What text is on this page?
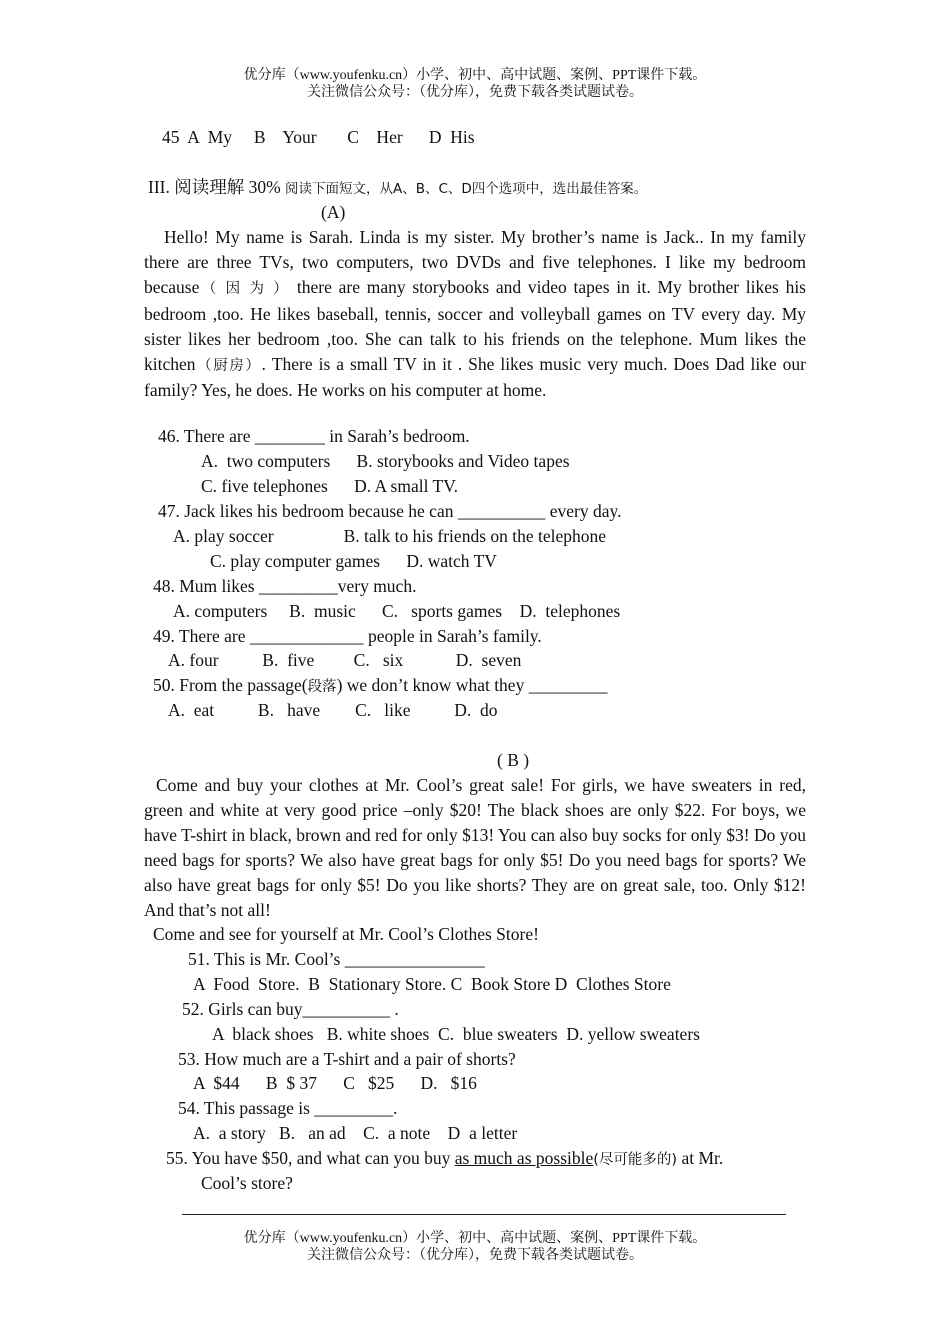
优分库（www.youfenku.cn）小学、初中、高中试题、案例、PPT课件下载。
关注微信公众号：（优分库），免费下载各类试题试卷。
45  A  My     B    Your       C    Her      D  His
III. 阅读理解 30% 阅读下面短文，从A、B、C、D四个选项中，选出最佳答案。
(A)
Hello! My name is Sarah. Linda is my sister. My brother’s name is Jack.. In my family there are three TVs, two computers, two DVDs and five telephones. I like my bedroom because（ 因 为 ） there are many storybooks and video tapes in it. My brother likes his bedroom ,too. He likes baseball, tennis, soccer and volleyball games on TV every day. My sister likes her bedroom ,too. She can talk to his friends on the telephone. Mum likes the kitchen（厨房）. There is a small TV in it . She likes music very much. Does Dad like our family? Yes, he does. He works on his computer at home.
46. There are ________ in Sarah’s bedroom.
A.  two computers      B. storybooks and Video tapes
C. five telephones      D. A small TV.
47. Jack likes his bedroom because he can __________ every day.
A. play soccer                B. talk to his friends on the telephone
C. play computer games      D. watch TV
48. Mum likes _________very much.
A. computers     B.  music      C.   sports games    D.  telephones
49. There are _____________ people in Sarah’s family.
A. four          B.  five         C.   six            D.  seven
50. From the passage(段落) we don’t know what they _________
A.  eat          B.   have        C.   like          D.  do
( B )
Come and buy your clothes at Mr. Cool’s great sale! For girls, we have sweaters in red, green and white at very good price –only $20! The black shoes are only $22. For boys, we have T-shirt in black, brown and red for only $13! You can also buy socks for only $3! Do you need bags for sports? We also have great bags for only $5! Do you need bags for sports? We also have great bags for only $5! Do you like shorts? They are on great sale, too. Only $12! And that’s not all!
Come and see for yourself at Mr. Cool’s Clothes Store!
51. This is Mr. Cool’s ________________
A  Food  Store.  B  Stationary Store. C  Book Store D  Clothes Store
52. Girls can buy__________ .
A  black shoes   B. white shoes  C.  blue sweaters  D. yellow sweaters
53. How much are a T-shirt and a pair of shorts?
A  $44      B  $ 37      C   $25      D.   $16
54. This passage is _________.
A.  a story   B.   an ad    C.  a note    D  a letter
55. You have $50, and what can you buy as much as possible(尽可能多的) at Mr.
Cool’s store?
优分库（www.youfenku.cn）小学、初中、高中试题、案例、PPT课件下载。
关注微信公众号：（优分库），免费下载各类试题试卷。
